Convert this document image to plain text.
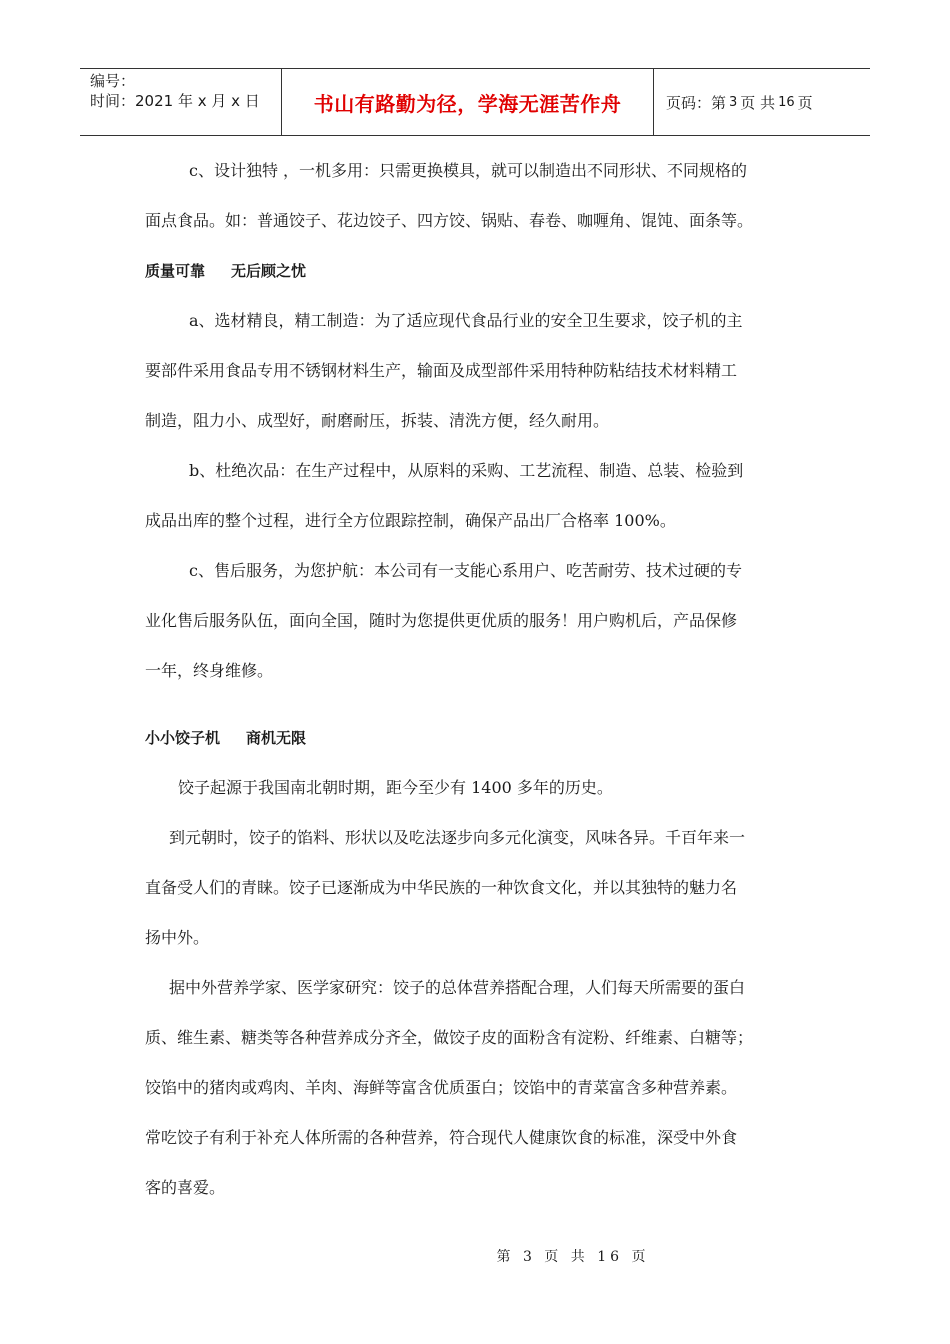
编号：
时间：2021 年 x 月 x 日	书山有路勤为径，学海无涯苦作舟	页码：第 3 页 共 16 页
c、设计独特 ，一机多用：只需更换模具，就可以制造出不同形状、不同规格的
面点食品。如：普通饺子、花边饺子、四方饺、锅贴、春卷、咖喱角、馄饨、面条等。
质量可靠 无后顾之忧
a、选材精良，精工制造：为了适应现代食品行业的安全卫生要求，饺子机的主
要部件采用食品专用不锈钢材料生产，输面及成型部件采用特种防粘结技术材料精工
制造，阻力小、成型好，耐磨耐压，拆装、清洗方便，经久耐用。
b、杜绝次品：在生产过程中，从原料的采购、工艺流程、制造、总装、检验到
成品出库的整个过程，进行全方位跟踪控制，确保产品出厂合格率 100%。
c、售后服务，为您护航：本公司有一支能心系用户、吃苦耐劳、技术过硬的专
业化售后服务队伍，面向全国，随时为您提供更优质的服务！用户购机后，产品保修
一年，终身维修。
小小饺子机 商机无限
饺子起源于我国南北朝时期，距今至少有 1400 多年的历史。
到元朝时，饺子的馅料、形状以及吃法逐步向多元化演变，风味各异。千百年来一
直备受人们的青睐。饺子已逐渐成为中华民族的一种饮食文化，并以其独特的魅力名
扬中外。
据中外营养学家、医学家研究：饺子的总体营养搭配合理，人们每天所需要的蛋白
质、维生素、糖类等各种营养成分齐全，做饺子皮的面粉含有淀粉、纤维素、白糖等；
饺馅中的猪肉或鸡肉、羊肉、海鲜等富含优质蛋白；饺馅中的青菜富含多种营养素。
常吃饺子有利于补充人体所需的各种营养，符合现代人健康饮食的标准，深受中外食
客的喜爱。
第 3 页 共 16 页
